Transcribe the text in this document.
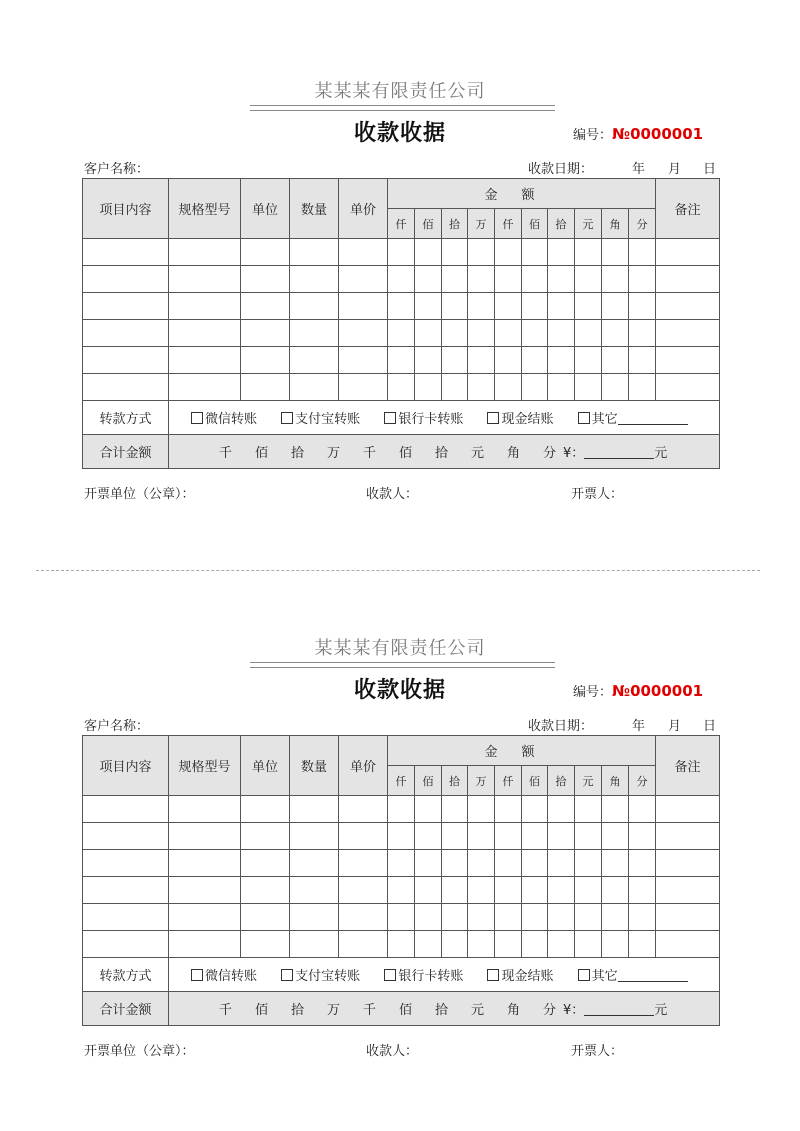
某某某有限责任公司
收款收据	编号：№0000001
客户名称：	收款日期：	年 月 日
项目内容	规格型号	单位	数量	单价	金额										备注
					仟	佰	拾	万	仟	佰	拾	元	角	分	

转款方式	微信转账 支付宝转账 银行卡转账 现金结账 其它														
合计金额	千 佰 拾 万 千 佰 拾 元 角 分 ¥： 元														
开票单位（公章）：	收款人：	开票人：
某某某有限责任公司
收款收据	编号：№0000001
客户名称：	收款日期：	年 月 日
项目内容	规格型号	单位	数量	单价	金额										备注
					仟	佰	拾	万	仟	佰	拾	元	角	分	

转款方式	微信转账 支付宝转账 银行卡转账 现金结账 其它														
合计金额	千 佰 拾 万 千 佰 拾 元 角 分 ¥： 元														
开票单位（公章）：	收款人：	开票人：
